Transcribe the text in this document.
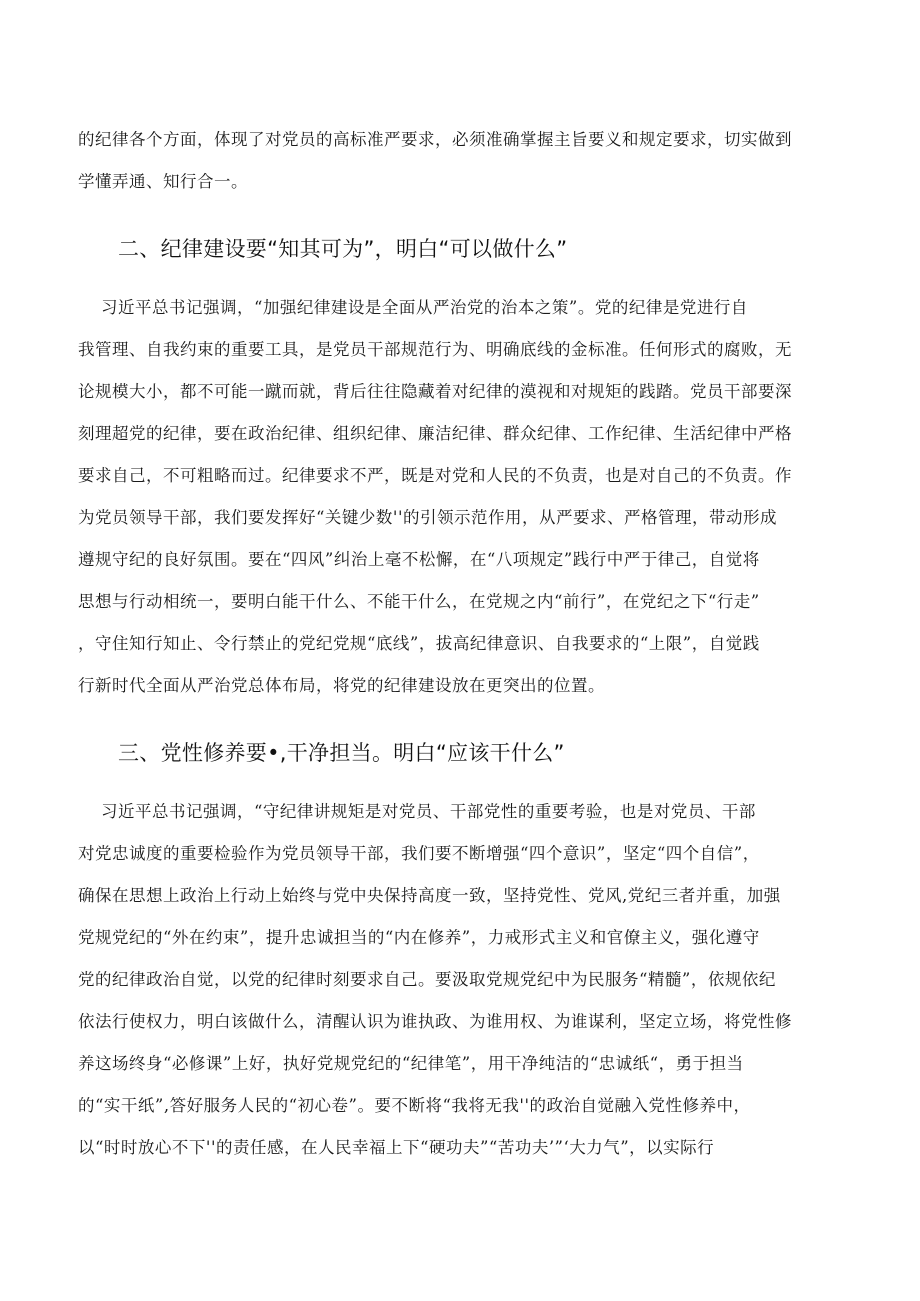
的纪律各个方面，体现了对党员的高标准严要求，必须准确掌握主旨要义和规定要求，切实做到
学懂弄通、知行合一。
二、纪律建设要“知其可为”，明白“可以做什么”
习近平总书记强调，“加强纪律建设是全面从严治党的治本之策”。党的纪律是党进行自
我管理、自我约束的重要工具，是党员干部规范行为、明确底线的金标准。任何形式的腐败，无
论规模大小，都不可能一蹴而就，背后往往隐藏着对纪律的漠视和对规矩的践踏。党员干部要深
刻理超党的纪律，要在政治纪律、组织纪律、廉洁纪律、群众纪律、工作纪律、生活纪律中严格
要求自己，不可粗略而过。纪律要求不严，既是对党和人民的不负责，也是对自己的不负责。作
为党员领导干部，我们要发挥好“关键少数''的引领示范作用，从严要求、严格管理，带动形成
遵规守纪的良好氛围。要在“四风”纠治上毫不松懈，在“八项规定”践行中严于律己，自觉将
思想与行动相统一，要明白能干什么、不能干什么，在党规之内“前行”，在党纪之下“行走”
，守住知行知止、令行禁止的党纪党规“底线”，拔高纪律意识、自我要求的“上限”，自觉践
行新时代全面从严治党总体布局，将党的纪律建设放在更突出的位置。
三、党性修养要•,干净担当。明白“应该干什么”
习近平总书记强调，“守纪律讲规矩是对党员、干部党性的重要考验，也是对党员、干部
对党忠诚度的重要检验作为党员领导干部，我们要不断增强“四个意识”，坚定“四个自信”，
确保在思想上政治上行动上始终与党中央保持高度一致，坚持党性、党风,党纪三者并重，加强
党规党纪的“外在约束”，提升忠诚担当的“内在修养”，力戒形式主义和官僚主义，强化遵守
党的纪律政治自觉，以党的纪律时刻要求自己。要汲取党规党纪中为民服务“精髓”，依规依纪
依法行使权力，明白该做什么，清醒认识为谁执政、为谁用权、为谁谋利，坚定立场，将党性修
养这场终身“必修课”上好，执好党规党纪的“纪律笔”，用干净纯洁的“忠诚纸“，勇于担当
的“实干纸”,答好服务人民的“初心卷”。要不断将“我将无我''的政治自觉融入党性修养中，
以“时时放心不下''的责任感，在人民幸福上下“硬功夫”“苦功夫’”‘大力气”，以实际行
